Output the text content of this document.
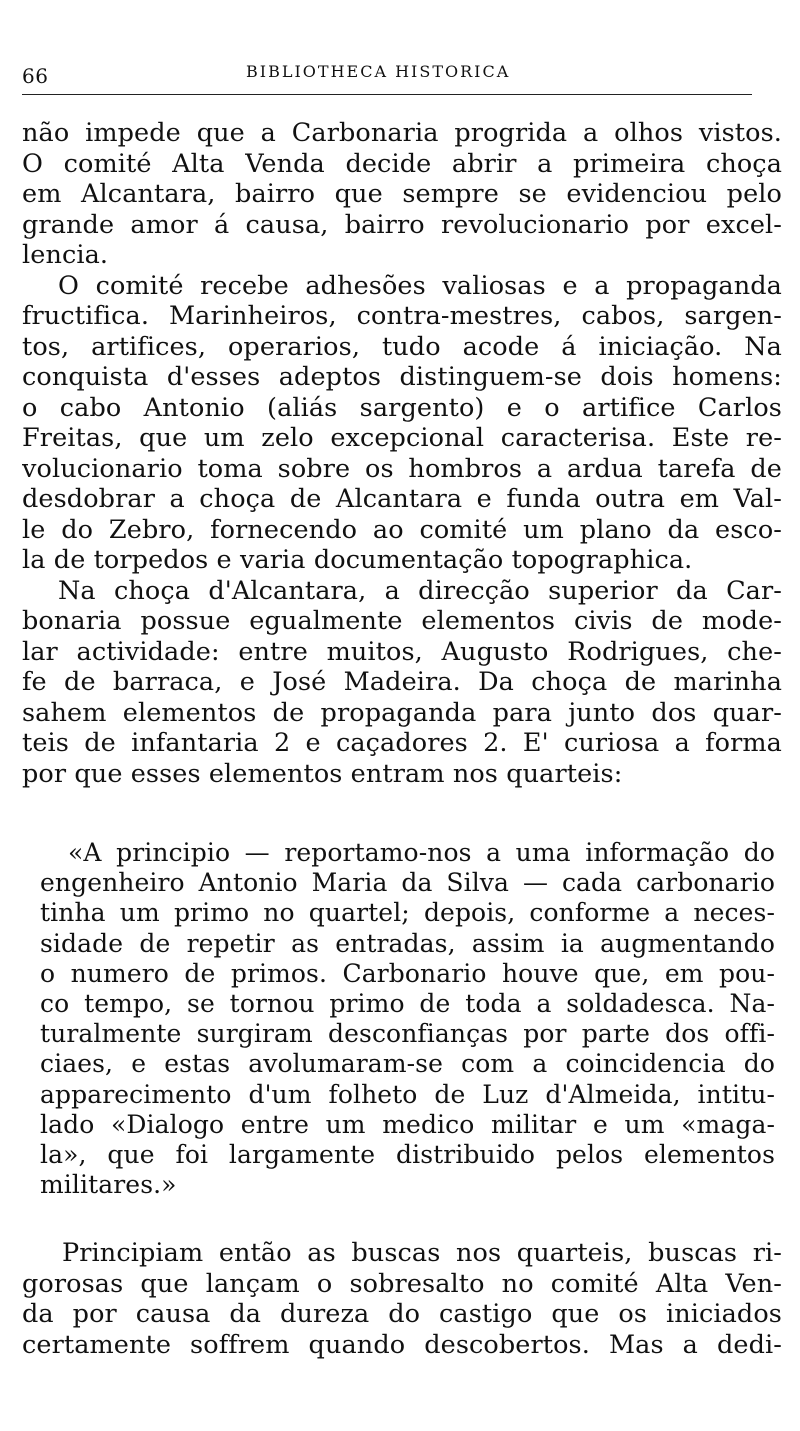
66	BIBLIOTHECA HISTORICA
não impede que a Carbonaria progrida a olhos vistos.
O comité Alta Venda decide abrir a primeira choça
em Alcantara, bairro que sempre se evidenciou pelo
grande amor á causa, bairro revolucionario por excel-
lencia.
O comité recebe adhesões valiosas e a propaganda
fructifica. Marinheiros, contra-mestres, cabos, sargen-
tos, artifices, operarios, tudo acode á iniciação. Na
conquista d'esses adeptos distinguem-se dois homens:
o cabo Antonio (aliás sargento) e o artifice Carlos
Freitas, que um zelo excepcional caracterisa. Este re-
volucionario toma sobre os hombros a ardua tarefa de
desdobrar a choça de Alcantara e funda outra em Val-
le do Zebro, fornecendo ao comité um plano da esco-
la de torpedos e varia documentação topographica.
Na choça d'Alcantara, a direcção superior da Car-
bonaria possue egualmente elementos civis de mode-
lar actividade: entre muitos, Augusto Rodrigues, che-
fe de barraca, e José Madeira. Da choça de marinha
sahem elementos de propaganda para junto dos quar-
teis de infantaria 2 e caçadores 2. E' curiosa a forma
por que esses elementos entram nos quarteis:
«A principio — reportamo-nos a uma informação do
engenheiro Antonio Maria da Silva — cada carbonario
tinha um primo no quartel; depois, conforme a neces-
sidade de repetir as entradas, assim ia augmentando
o numero de primos. Carbonario houve que, em pou-
co tempo, se tornou primo de toda a soldadesca. Na-
turalmente surgiram desconfianças por parte dos offi-
ciaes, e estas avolumaram-se com a coincidencia do
apparecimento d'um folheto de Luz d'Almeida, intitu-
lado «Dialogo entre um medico militar e um «maga-
la», que foi largamente distribuido pelos elementos
militares.»
Principiam então as buscas nos quarteis, buscas ri-
gorosas que lançam o sobresalto no comité Alta Ven-
da por causa da dureza do castigo que os iniciados
certamente soffrem quando descobertos. Mas a dedi-
